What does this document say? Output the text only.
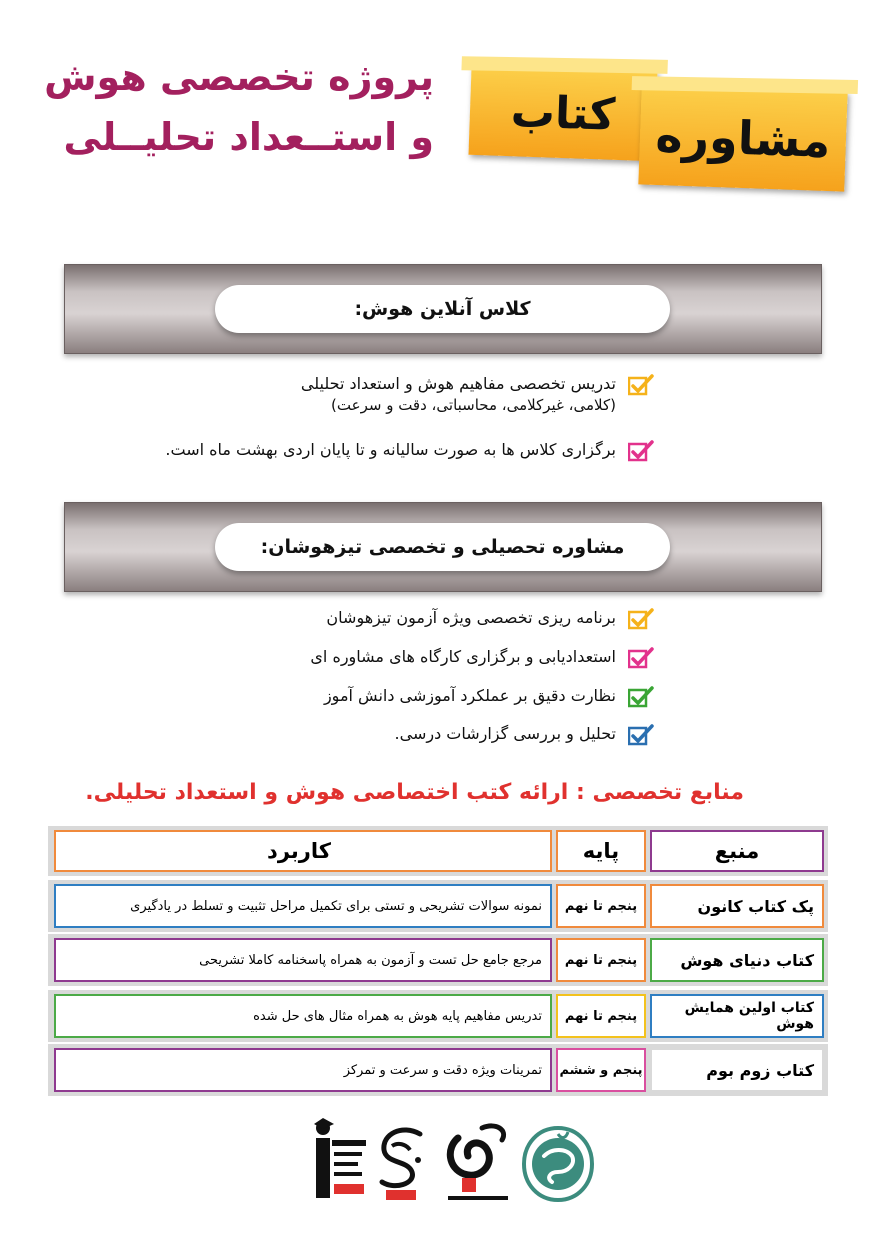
پروژه تخصصی هوش
و استــعداد تحلیــلی کتاب مشاوره
کلاس آنلاین هوش:
تدریس تخصصی مفاهیم هوش و استعداد تحلیلی
(کلامی، غیرکلامی، محاسباتی، دقت و سرعت)
برگزاری کلاس ها به صورت سالیانه و تا پایان اردی بهشت ماه است.
مشاوره تحصیلی و تخصصی تیزهوشان:
برنامه ریزی تخصصی ویژه آزمون تیزهوشان
استعدادیابی و برگزاری کارگاه های مشاوره ای
نظارت دقیق بر عملکرد آموزشی دانش آموز
تحلیل و بررسی گزارشات درسی.
منابع تخصصی : ارائه کتب اختصاصی هوش و استعداد تحلیلی.
منبع
پایه
کاربرد
پک کتاب کانون
پنجم تا نهم
نمونه سوالات تشریحی و تستی برای تکمیل مراحل تثبیت و تسلط در یادگیری
کتاب دنیای هوش
پنجم تا نهم
مرجع جامع حل تست و آزمون به همراه پاسخنامه کاملا تشریحی
کتاب اولین همایش هوش
پنجم تا نهم
تدریس مفاهیم پایه هوش به همراه مثال های حل شده
کتاب زوم بوم
پنجم و ششم
تمرینات ویژه دقت و سرعت و تمرکز
